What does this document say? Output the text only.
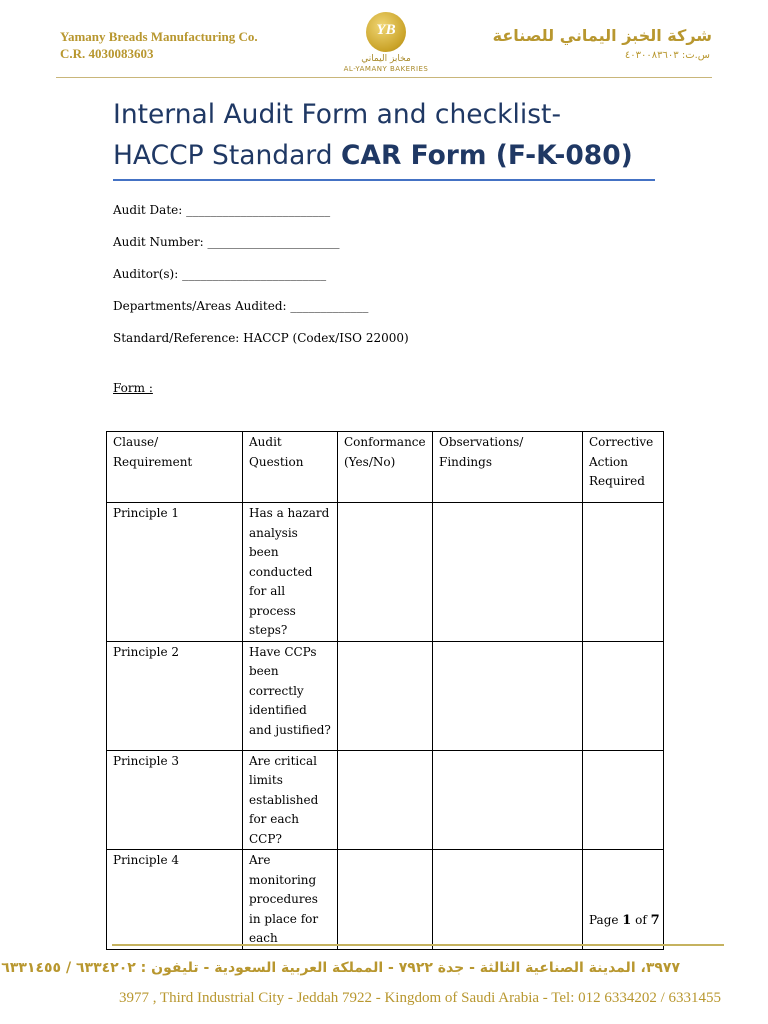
Yamany Breads Manufacturing Co.
C.R. 4030083603
YB
مخابز اليماني
AL-YAMANY BAKERIES
شركة الخبز اليماني للصناعة
س.ت: ٤٠٣٠٠٨٣٦٠٣
Internal Audit Form and checklist-
HACCP Standard CAR Form (F-K-080)
Audit Date: ________________________
Audit Number: ______________________
Auditor(s): ________________________
Departments/Areas Audited: _____________
Standard/Reference: HACCP (Codex/ISO 22000)
Form :
Clause/ Requirement	Audit Question	Conformance (Yes/No)	Observations/ Findings	Corrective Action Required
Principle 1	Has a hazard analysis been conducted for all process steps?			
Principle 2	Have CCPs been correctly identified and justified?			
Principle 3	Are critical limits established for each CCP?			
Principle 4	Are monitoring procedures in place for each			
Page 1 of 7
٣٩٧٧، المدينة الصناعية الثالثة - جدة ٧٩٢٢ - المملكة العربية السعودية - تليفون : ٦٣٣٤٢٠٢ / ٦٣٣١٤٥٥
3977 , Third Industrial City - Jeddah 7922 - Kingdom of Saudi Arabia - Tel: 012 6334202 / 6331455
